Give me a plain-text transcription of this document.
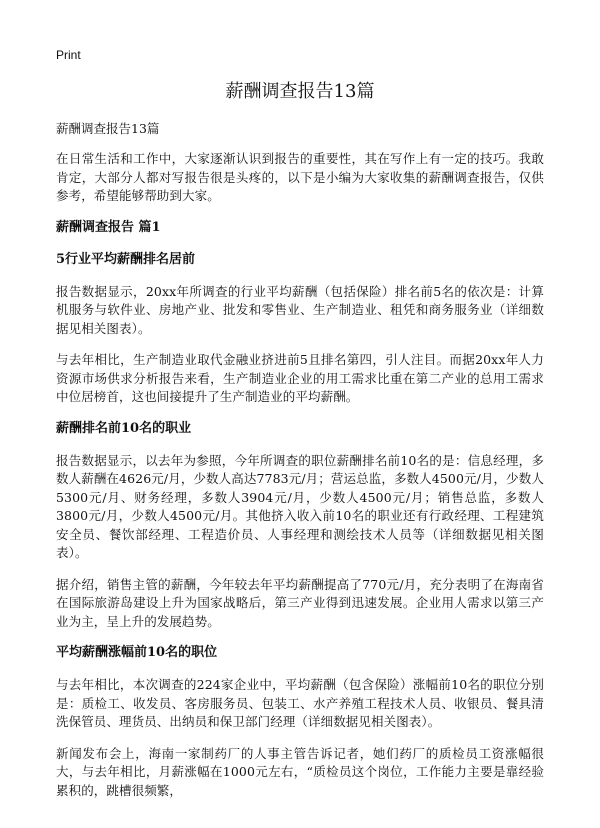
Print
薪酬调查报告13篇
薪酬调查报告13篇

在日常生活和工作中，大家逐渐认识到报告的重要性，其在写作上有一定的技巧。我敢肯定，大部分人都对写报告很是头疼的，以下是小编为大家收集的薪酬调查报告，仅供参考，希望能够帮助到大家。

薪酬调查报告 篇1
5行业平均薪酬排名居前

报告数据显示，20xx年所调查的行业平均薪酬（包括保险）排名前5名的依次是：计算机服务与软件业、房地产业、批发和零售业、生产制造业、租凭和商务服务业（详细数据见相关图表）。

与去年相比，生产制造业取代金融业挤进前5且排名第四，引人注目。而据20xx年人力资源市场供求分析报告来看，生产制造业企业的用工需求比重在第二产业的总用工需求中位居榜首，这也间接提升了生产制造业的平均薪酬。

薪酬排名前10名的职业

报告数据显示，以去年为参照，今年所调查的职位薪酬排名前10名的是：信息经理，多数人薪酬在4626元/月，少数人高达7783元/月；营运总监，多数人4500元/月，少数人5300元/月、财务经理，多数人3904元/月，少数人4500元/月；销售总监，多数人3800元/月，少数人4500元/月。其他挤入收入前10名的职业还有行政经理、工程建筑安全员、餐饮部经理、工程造价员、人事经理和测绘技术人员等（详细数据见相关图表）。

据介绍，销售主管的薪酬，今年较去年平均薪酬提高了770元/月，充分表明了在海南省在国际旅游岛建设上升为国家战略后，第三产业得到迅速发展。企业用人需求以第三产业为主，呈上升的发展趋势。

平均薪酬涨幅前10名的职位

与去年相比，本次调查的224家企业中，平均薪酬（包含保险）涨幅前10名的职位分别是：质检工、收发员、客房服务员、包装工、水产养殖工程技术人员、收银员、餐具清洗保管员、理货员、出纳员和保卫部门经理（详细数据见相关图表）。

新闻发布会上，海南一家制药厂的人事主管告诉记者，她们药厂的质检员工资涨幅很大，与去年相比，月薪涨幅在1000元左右，“质检员这个岗位，工作能力主要是靠经验累积的，跳槽很频繁，
